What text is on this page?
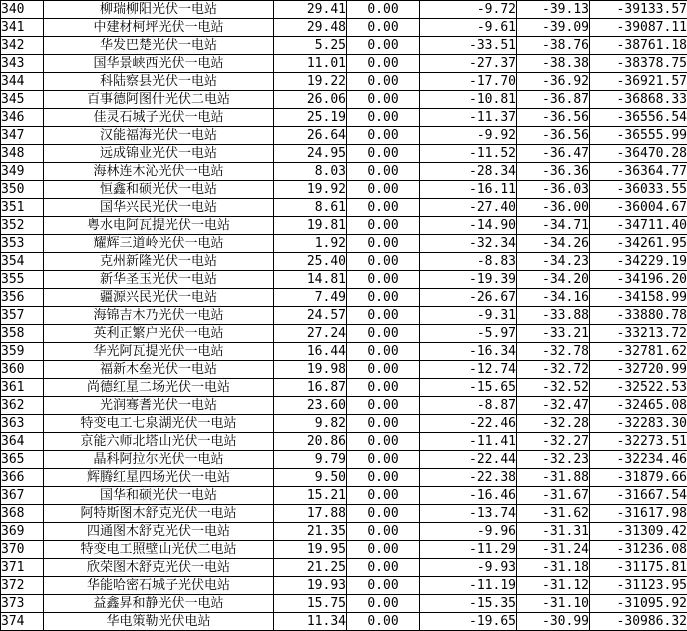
340	柳瑞柳阳光伏一电站	29.41	0.00	-9.72	-39.13	-39133.57
341	中建材柯坪光伏一电站	29.48	0.00	-9.61	-39.09	-39087.11
342	华发巴楚光伏一电站	5.25	0.00	-33.51	-38.76	-38761.18
343	国华景峡西光伏一电站	11.01	0.00	-27.37	-38.38	-38378.75
344	科陆察县光伏一电站	19.22	0.00	-17.70	-36.92	-36921.57
345	百事德阿图什光伏二电站	26.06	0.00	-10.81	-36.87	-36868.33
346	佳灵石城子光伏一电站	25.19	0.00	-11.37	-36.56	-36556.54
347	汉能福海光伏一电站	26.64	0.00	-9.92	-36.56	-36555.99
348	远成锦业光伏一电站	24.95	0.00	-11.52	-36.47	-36470.28
349	海林连木沁光伏一电站	8.03	0.00	-28.34	-36.36	-36364.77
350	恒鑫和硕光伏一电站	19.92	0.00	-16.11	-36.03	-36033.55
351	国华兴民光伏一电站	8.61	0.00	-27.40	-36.00	-36004.67
352	粤水电阿瓦提光伏一电站	19.81	0.00	-14.90	-34.71	-34711.40
353	耀辉三道岭光伏一电站	1.92	0.00	-32.34	-34.26	-34261.95
354	克州新隆光伏一电站	25.40	0.00	-8.83	-34.23	-34229.19
355	新华圣玉光伏一电站	14.81	0.00	-19.39	-34.20	-34196.20
356	疆源兴民光伏一电站	7.49	0.00	-26.67	-34.16	-34158.99
357	海锦吉木乃光伏一电站	24.57	0.00	-9.31	-33.88	-33880.78
358	英利正繁户光伏一电站	27.24	0.00	-5.97	-33.21	-33213.72
359	华光阿瓦提光伏一电站	16.44	0.00	-16.34	-32.78	-32781.62
360	福新木垒光伏一电站	19.98	0.00	-12.74	-32.72	-32720.99
361	尚德红星二场光伏一电站	16.87	0.00	-15.65	-32.52	-32522.53
362	光润骞耆光伏一电站	23.60	0.00	-8.87	-32.47	-32465.08
363	特变电工七泉湖光伏一电站	9.82	0.00	-22.46	-32.28	-32283.30
364	京能六师北塔山光伏一电站	20.86	0.00	-11.41	-32.27	-32273.51
365	晶科阿拉尔光伏一电站	9.79	0.00	-22.44	-32.23	-32234.46
366	辉腾红星四场光伏一电站	9.50	0.00	-22.38	-31.88	-31879.66
367	国华和硕光伏一电站	15.21	0.00	-16.46	-31.67	-31667.54
368	阿特斯图木舒克光伏一电站	17.88	0.00	-13.74	-31.62	-31617.98
369	四通图木舒克光伏一电站	21.35	0.00	-9.96	-31.31	-31309.42
370	特变电工照壁山光伏二电站	19.95	0.00	-11.29	-31.24	-31236.08
371	欣荣图木舒克光伏一电站	21.25	0.00	-9.93	-31.18	-31175.81
372	华能哈密石城子光伏电站	19.93	0.00	-11.19	-31.12	-31123.95
373	益鑫昇和静光伏一电站	15.75	0.00	-15.35	-31.10	-31095.92
374	华电策勒光伏电站	11.34	0.00	-19.65	-30.99	-30986.32
